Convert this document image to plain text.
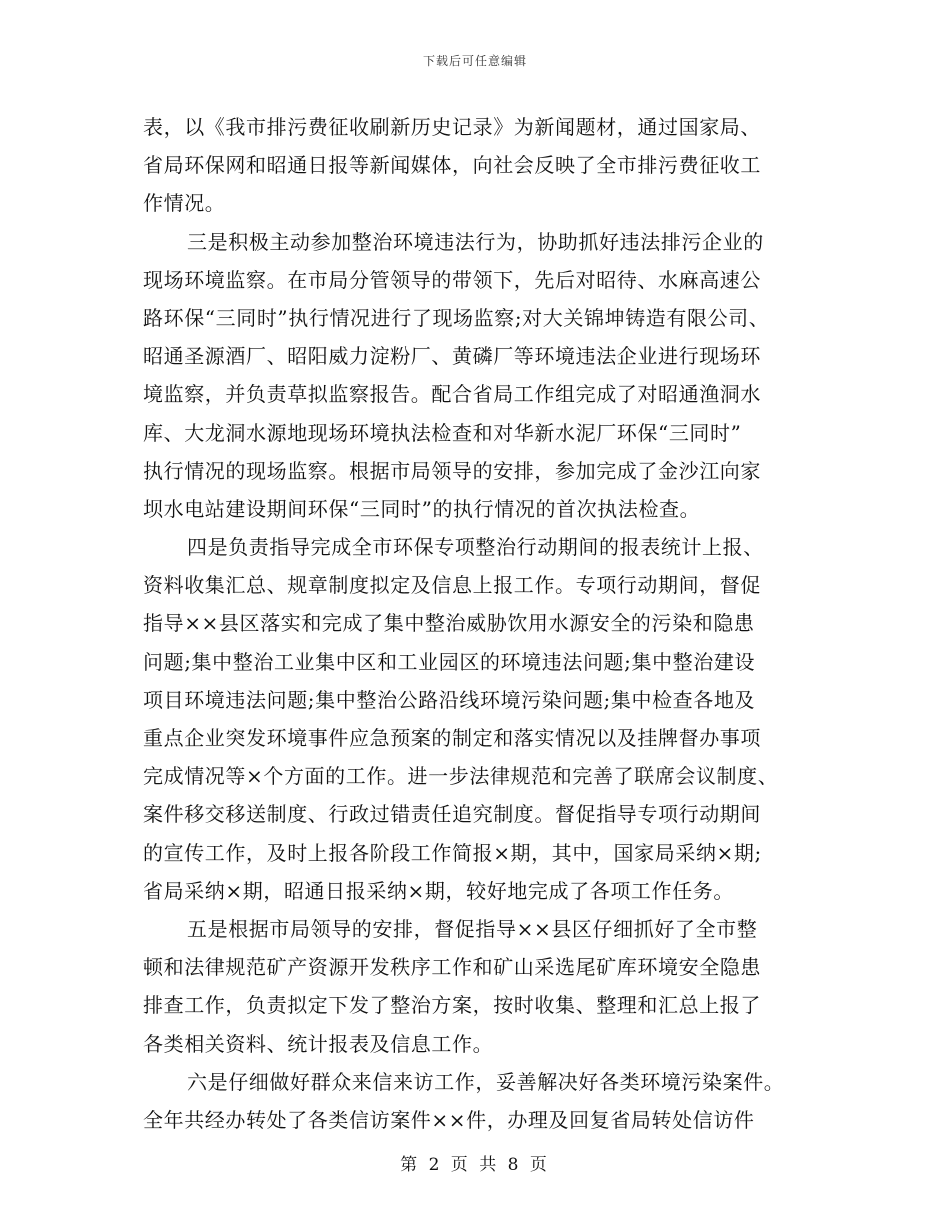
下载后可任意编辑
表，以《我市排污费征收刷新历史记录》为新闻题材，通过国家局、
省局环保网和昭通日报等新闻媒体，向社会反映了全市排污费征收工
作情况。
三是积极主动参加整治环境违法行为，协助抓好违法排污企业的
现场环境监察。在市局分管领导的带领下，先后对昭待、水麻高速公
路环保“三同时”执行情况进行了现场监察;对大关锦坤铸造有限公司、
昭通圣源酒厂、昭阳威力淀粉厂、黄磷厂等环境违法企业进行现场环
境监察，并负责草拟监察报告。配合省局工作组完成了对昭通渔洞水
库、大龙洞水源地现场环境执法检查和对华新水泥厂环保“三同时”
执行情况的现场监察。根据市局领导的安排，参加完成了金沙江向家
坝水电站建设期间环保“三同时”的执行情况的首次执法检查。
四是负责指导完成全市环保专项整治行动期间的报表统计上报、
资料收集汇总、规章制度拟定及信息上报工作。专项行动期间，督促
指导××县区落实和完成了集中整治威胁饮用水源安全的污染和隐患
问题;集中整治工业集中区和工业园区的环境违法问题;集中整治建设
项目环境违法问题;集中整治公路沿线环境污染问题;集中检查各地及
重点企业突发环境事件应急预案的制定和落实情况以及挂牌督办事项
完成情况等×个方面的工作。进一步法律规范和完善了联席会议制度、
案件移交移送制度、行政过错责任追究制度。督促指导专项行动期间
的宣传工作，及时上报各阶段工作简报×期，其中，国家局采纳×期;
省局采纳×期，昭通日报采纳×期，较好地完成了各项工作任务。
五是根据市局领导的安排，督促指导××县区仔细抓好了全市整
顿和法律规范矿产资源开发秩序工作和矿山采选尾矿库环境安全隐患
排查工作，负责拟定下发了整治方案，按时收集、整理和汇总上报了
各类相关资料、统计报表及信息工作。
六是仔细做好群众来信来访工作，妥善解决好各类环境污染案件。
全年共经办转处了各类信访案件××件，办理及回复省局转处信访件
第 2 页 共 8 页
